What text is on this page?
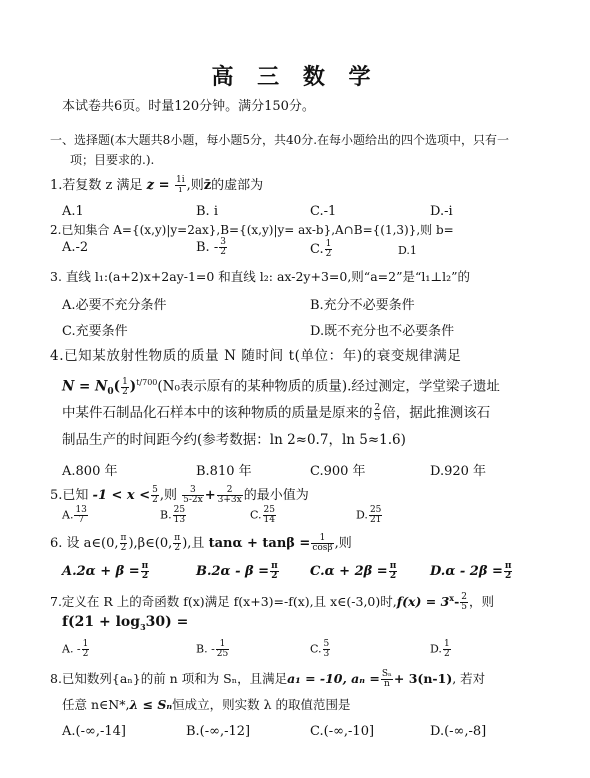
高 三 数 学
本试卷共6页。时量120分钟。满分150分。
一、选择题(本大题共8小题，每小题5分，共40分.在每小题给出的四个选项中，只有一
项；目要求的.).
1.若复数 z 满足 $z = \frac{1i}{i}$ ,则z̄的虚部为
A.1	B. i	C.-1	D.-i
2.已知集合 A={(x,y)|y=2ax},B={(x,y)|y= ax-b},A∩B={(1,3)},则 b=
A.-2	B. - $\frac{3}{2}$	C. $\frac{1}{2}$	D.1
3. 直线 l₁:(a+2)x+2ay-1=0 和直线 l₂: ax-2y+3=0,则“a=2”是“l₁⊥l₂”的
A.必要不充分条件	B.充分不必要条件
C.充要条件	D.既不充分也不必要条件
4.已知某放射性物质的质量 N 随时间 t(单位：年)的衰变规律满足
$N = N_0( \frac{1}{2} )^{t/700}(N_0$表示原有的某种物质的质量).经过测定，学堂梁子遗址
中某件石制品化石样本中的该种物质的质量是原来的 $\frac{2}{5}$ 倍，据此推测该石
制品生产的时间距今约(参考数据：ln 2≈0.7，ln 5≈1.6)
A.800 年	B.810 年	C.900 年	D.920 年
5.已知 $-1 < x < \frac{5}{2}$ ,则 $\frac{3}{5-2x} + \frac{2}{3+3x}$ 的最小值为
A. $\frac{13}{7}$	B. $\frac{25}{13}$	C. $\frac{25}{14}$	D. $\frac{25}{21}$
6. 设 a∈(0, $\frac{\pi}{2}$ ),β∈(0, $\frac{\pi}{2}$ ),且 $\tan\alpha + \tan\beta = \frac{1}{\cos\beta}$ ,则
$A.2\alpha + \beta = \frac{\pi}{2}$	$B.2\alpha - \beta = \frac{\pi}{2} C.\alpha + 2\beta = \frac{\pi}{2}$	$D.\alpha - 2\beta = \frac{\pi}{2}$
7.定义在 R 上的奇函数 f(x)满足 f(x+3)=-f(x),且 x∈(-3,0)时$,f(x) = 3^x- \frac{2}{5}$ ，则
$f(21 + \log_330)$ =
A. - $\frac{1}{2}$	B. - $\frac{1}{25}$	C. $\frac{5}{3}$	D. $\frac{1}{2}$
8.已知数列{aₙ}的前 n 项和为 Sₙ，且满足a₁ = -10, $a_n = \frac{\text{Sₙ}}{n} + 3(n-1)$, 若对
任意 n∈N*,λ ≤ Sₙ恒成立，则实数 λ 的取值范围是
A.(-∞,-14]	B.(-∞,-12]	C.(-∞,-10]	D.(-∞,-8]
